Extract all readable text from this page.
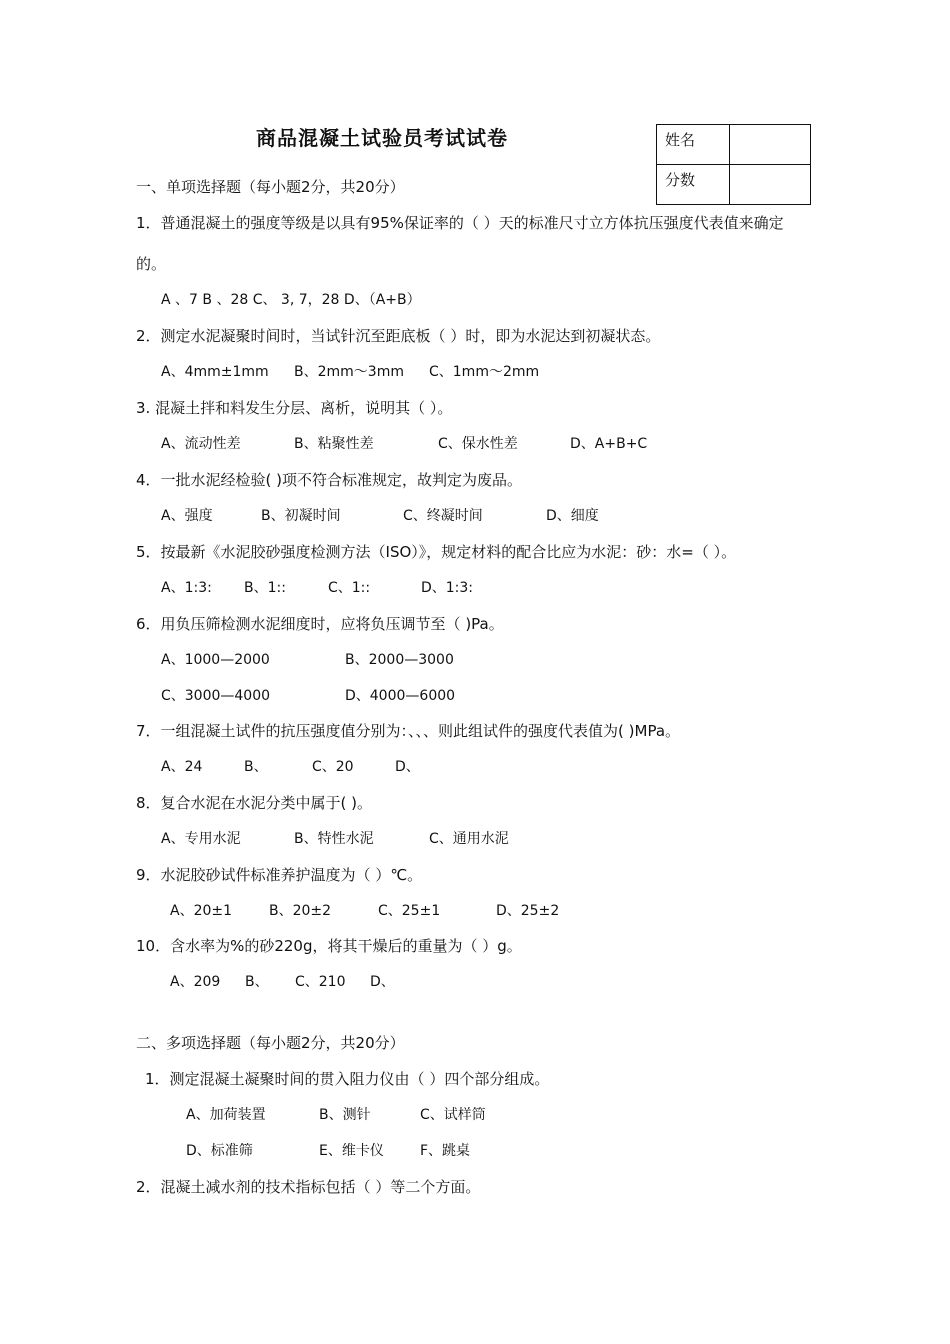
商品混凝土试验员考试试卷	姓名	
分数	
一、单项选择题（每小题2分，共20分）
1．普通混凝土的强度等级是以具有95%保证率的（ ）天的标准尺寸立方体抗压强度代表值来确定
的。
A 、7 B 、28 C、 3, 7，28 D、（A+B）
2．测定水泥凝聚时间时，当试针沉至距底板（ ）时，即为水泥达到初凝状态。
A、4mm±1mm B、2mm～3mm C、1mm～2mm
3. 混凝土拌和料发生分层、离析，说明其（ ）。
A、流动性差	B、粘聚性差	C、保水性差	D、A+B+C
4．一批水泥经检验( )项不符合标准规定，故判定为废品。
A、强度	B、初凝时间	C、终凝时间	D、细度
5．按最新《水泥胶砂强度检测方法（ISO）》，规定材料的配合比应为水泥：砂：水=（ ）。
A、1:3: B、1::	C、1::	D、1:3:
6．用负压筛检测水泥细度时，应将负压调节至（ )Pa。
A、1000—2000	B、2000—3000
C、3000—4000	D、4000—6000
7．一组混凝土试件的抗压强度值分别为：、、、则此组试件的强度代表值为( )MPa。
A、24	B、	C、20	D、
8．复合水泥在水泥分类中属于( )。
A、专用水泥	B、特性水泥	C、通用水泥
9．水泥胶砂试件标准养护温度为（ ）℃。
A、20±1	B、20±2	C、25±1	D、25±2
10．含水率为%的砂220g，将其干燥后的重量为（ ）g。
A、209 B、 C、210 D、
二、多项选择题（每小题2分，共20分）
1．测定混凝土凝聚时间的贯入阻力仪由（ ）四个部分组成。
A、加荷装置	B、测针	C、试样筒
D、标准筛	E、维卡仪	F、跳桌
2．混凝土减水剂的技术指标包括（ ）等二个方面。
